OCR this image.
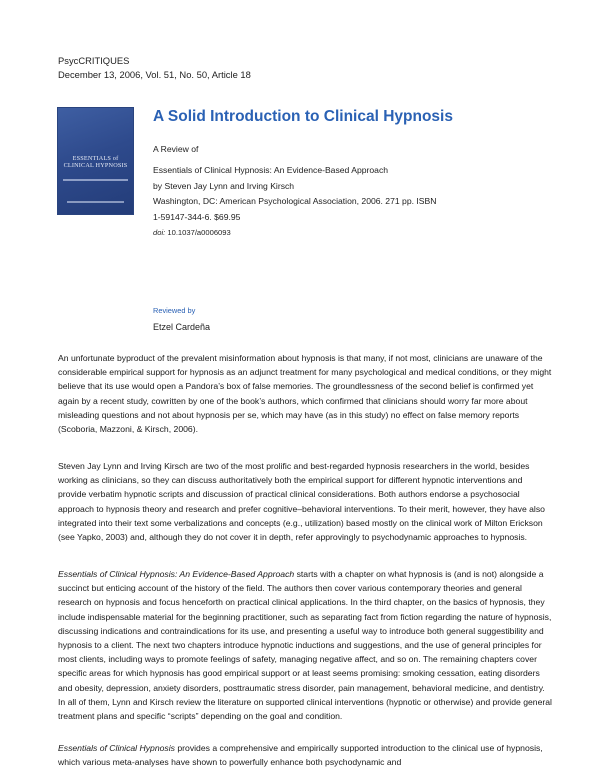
PsycCRITIQUES
December 13, 2006, Vol. 51, No. 50, Article 18
ESSENTIALS of
CLINICAL HYPNOSIS
A Solid Introduction to Clinical Hypnosis
A Review of
Essentials of Clinical Hypnosis: An Evidence-Based Approach
by Steven Jay Lynn and Irving Kirsch
Washington, DC: American Psychological Association, 2006. 271 pp. ISBN
1-59147-344-6. $69.95
doi: 10.1037/a0006093
Reviewed by
Etzel Cardeña

An unfortunate byproduct of the prevalent misinformation about hypnosis is that many, if not most, clinicians are unaware of the considerable empirical support for hypnosis as an adjunct treatment for many psychological and medical conditions, or they might believe that its use would open a Pandora’s box of false memories. The groundlessness of the second belief is confirmed yet again by a recent study, cowritten by one of the book’s authors, which confirmed that clinicians should worry far more about misleading questions and not about hypnosis per se, which may have (as in this study) no effect on false memory reports (Scoboria, Mazzoni, & Kirsch, 2006).

Steven Jay Lynn and Irving Kirsch are two of the most prolific and best-regarded hypnosis researchers in the world, besides working as clinicians, so they can discuss authoritatively both the empirical support for different hypnotic interventions and provide verbatim hypnotic scripts and discussion of practical clinical considerations. Both authors endorse a psychosocial approach to hypnosis theory and research and prefer cognitive–behavioral interventions. To their merit, however, they have also integrated into their text some verbalizations and concepts (e.g., utilization) based mostly on the clinical work of Milton Erickson (see Yapko, 2003) and, although they do not cover it in depth, refer approvingly to psychodynamic approaches to hypnosis.

Essentials of Clinical Hypnosis: An Evidence-Based Approach starts with a chapter on what hypnosis is (and is not) alongside a succinct but enticing account of the history of the field. The authors then cover various contemporary theories and general research on hypnosis and focus henceforth on practical clinical applications. In the third chapter, on the basics of hypnosis, they include indispensable material for the beginning practitioner, such as separating fact from fiction regarding the nature of hypnosis, discussing indications and contraindications for its use, and presenting a useful way to introduce both general suggestibility and hypnosis to a client. The next two chapters introduce hypnotic inductions and suggestions, and the use of general principles for most clients, including ways to promote feelings of safety, managing negative affect, and so on. The remaining chapters cover specific areas for which hypnosis has good empirical support or at least seems promising: smoking cessation, eating disorders and obesity, depression, anxiety disorders, posttraumatic stress disorder, pain management, behavioral medicine, and dentistry. In all of them, Lynn and Kirsch review the literature on supported clinical interventions (hypnotic or otherwise) and provide general treatment plans and specific “scripts” depending on the goal and condition.

Essentials of Clinical Hypnosis provides a comprehensive and empirically supported introduction to the clinical use of hypnosis, which various meta-analyses have shown to powerfully enhance both psychodynamic and
